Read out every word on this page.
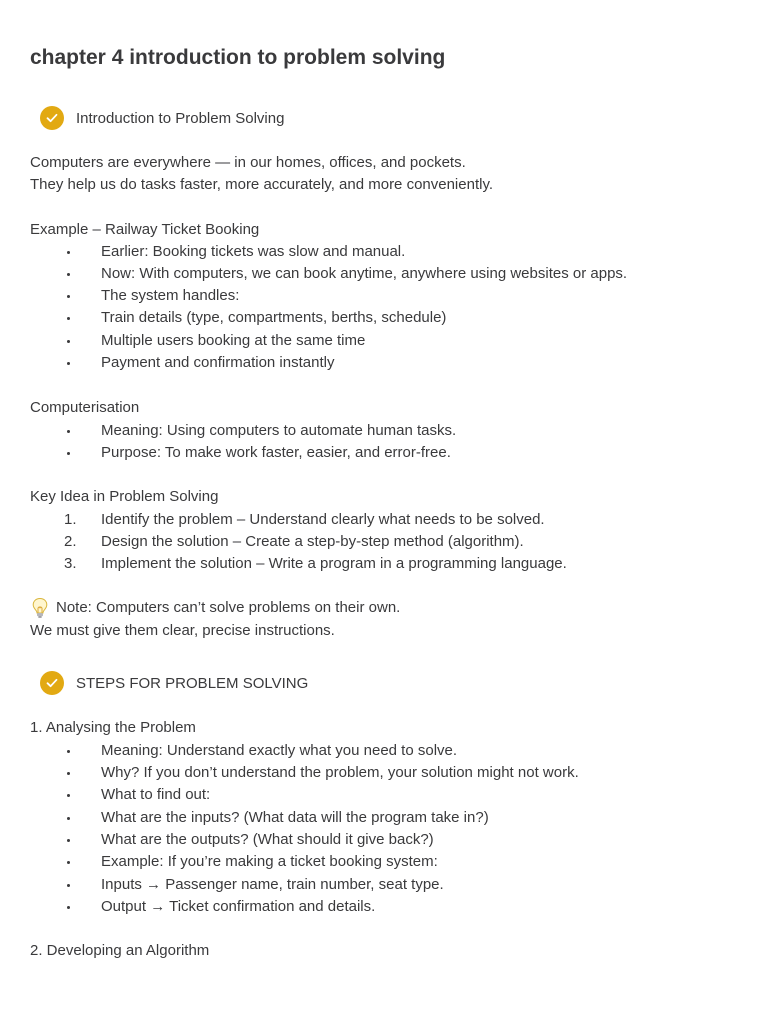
chapter 4 introduction to problem solving
Introduction to Problem Solving
Computers are everywhere — in our homes, offices, and pockets.
They help us do tasks faster, more accurately, and more conveniently.
Example – Railway Ticket Booking
Earlier: Booking tickets was slow and manual.
Now: With computers, we can book anytime, anywhere using websites or apps.
The system handles:
Train details (type, compartments, berths, schedule)
Multiple users booking at the same time
Payment and confirmation instantly
Computerisation
Meaning: Using computers to automate human tasks.
Purpose: To make work faster, easier, and error-free.
Key Idea in Problem Solving
1.	Identify the problem – Understand clearly what needs to be solved.
2.	Design the solution – Create a step-by-step method (algorithm).
3.	Implement the solution – Write a program in a programming language.
Note: Computers can’t solve problems on their own.
We must give them clear, precise instructions.
STEPS FOR PROBLEM SOLVING
1. Analysing the Problem
Meaning: Understand exactly what you need to solve.
Why? If you don’t understand the problem, your solution might not work.
What to find out:
What are the inputs? (What data will the program take in?)
What are the outputs? (What should it give back?)
Example: If you’re making a ticket booking system:
Inputs → Passenger name, train number, seat type.
Output → Ticket confirmation and details.
2. Developing an Algorithm
